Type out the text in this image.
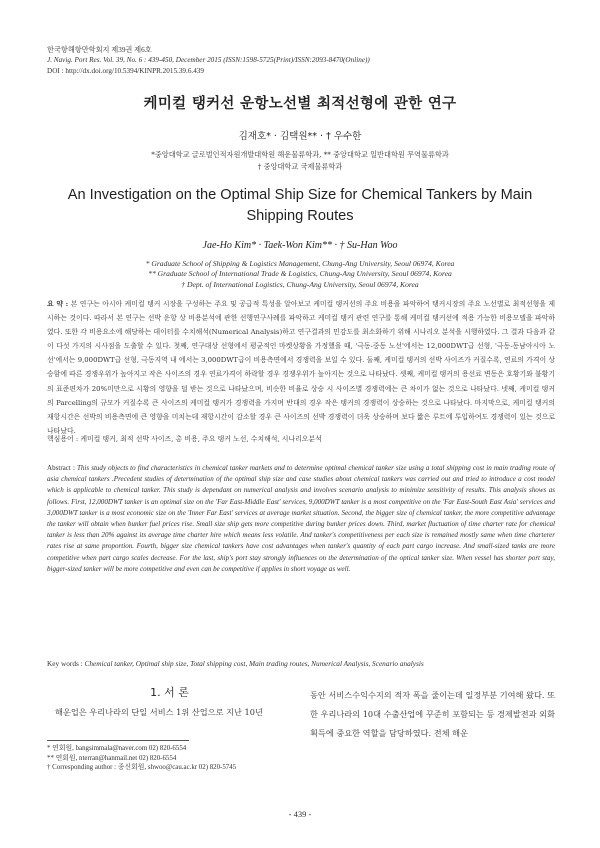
한국항해항만학회지 제39권 제6호
J. Navig. Port Res. Vol. 39, No. 6 : 439-450, December 2015 (ISSN:1598-5725(Print)/ISSN:2093-8470(Online))
DOI : http://dx.doi.org/10.5394/KINPR.2015.39.6.439
케미컬 탱커선 운항노선별 최적선형에 관한 연구
김재호* · 김택원** · † 우수한
*중앙대학교 글로벌인적자원개발대학원 해운물류학과, ** 중앙대학교 일반대학원 무역물류학과
† 중앙대학교 국제물류학과
An Investigation on the Optimal Ship Size for Chemical Tankers by Main Shipping Routes
Jae-Ho Kim* · Taek-Won Kim** · † Su-Han Woo
* Graduate School of Shipping & Logistics Management, Chung-Ang University, Seoul 06974, Korea
** Graduate School of International Trade & Logistics, Chung-Ang University, Seoul 06974, Korea
† Dept. of International Logistics, Chung-Ang University, Seoul 06974, Korea
요 약 : 본 연구는 아시아 케미컬 탱커 시장을 구성하는 주요 및 공급적 특성을 알아보고 케미컬 탱커선의 주요 비용을 파악하여 탱커시장의 주요 노선별로 최적선형을 제시하는 것이다. 따라서 본 연구는 선박 운항 상 비용분석에 관한 선행연구사례를 파악하고 케미컬 탱커 관련 연구를 통해 케미컬 탱커선에 적용 가능한 비용모델을 파악하였다. 또한 각 비용요소에 해당하는 데이터를 수치해석(Numerical Analysis)하고 연구결과의 민감도를 최소화하기 위해 시나리오 분석을 시행하였다. 그 결과 다음과 같이 다섯 가지의 시사점을 도출할 수 있다. 첫째, 연구대상 선형에서 평균적인 마켓상황을 가정했을 때, '극동-중동 노선'에서는 12,000DWT급 선형, '극동-동남아시아 노선'에서는 9,000DWT급 선형, 극동지역 내 에서는 3,000DWT급이 비용측면에서 경쟁력을 보일 수 있다. 둘째, 케미컬 탱커의 선박 사이즈가 커질수록, 연료의 가격이 상승함에 따른 경쟁우위가 높아지고 작은 사이즈의 경우 연료가격이 하락할 경우 경쟁우위가 높아지는 것으로 나타났다. 셋째, 케미컬 탱커의 용선료 변동은 호황기와 불황기의 표준편차가 20%미만으로 시황의 영향을 덜 받는 것으로 나타났으며, 비슷한 비율로 상승 시 사이즈별 경쟁력에는 큰 차이가 없는 것으로 나타났다. 넷째, 케미컬 탱커의 Parcelling의 규모가 커질수록 큰 사이즈의 케미컬 탱커가 경쟁력을 가지며 반대의 경우 작은 탱커의 경쟁력이 상승하는 것으로 나타났다. 마지막으로, 케미컬 탱커의 재항시간은 선박의 비용측면에 큰 영향을 미치는데 재항시간이 감소할 경우 큰 사이즈의 선박 경쟁력이 더욱 상승하며 보다 짧은 루트에 투입하여도 경쟁력이 있는 것으로 나타났다.
핵심용어 : 케미컬 탱커, 최적 선박 사이즈, 총 비용, 주요 탱커 노선, 수치해석, 시나리오분석
Abstract : This study objects to find characteristics in chemical tanker markets and to determine optimal chemical tanker size using a total shipping cost in main trading route of asia chemical tankers .Precedent studies of determination of the optimal ship size and case studies about chemical tankers was carried out and tried to introduce a cost model which is applicable to chemical tanker. This study is dependant on numerical analysis and involves scenario analysis to minimize sensitivity of results. This analysis shows as follows. First, 12,000DWT tanker is an optimal size on the 'Far East-Middle East' services, 9,000DWT tanker is a most competitive on the 'Far East-South East Asia' services and 3,000DWT tanker is a most economic size on the 'Inner Far East' services at average market situation. Second, the bigger size of chemical tanker, the more competitive advantage the tanker will obtain when bunker fuel prices rise. Small size ship gets more competitive during bunker prices down. Third, market fluctuation of time charter rate for chemical tanker is less than 20% against its average time charter hire which means less volatile. And tanker's competitiveness per each size is remained mostly same when time charterer rates rise at same proportion. Fourth, bigger size chemical tankers have cost advantages when tanker's quantity of each part cargo increase. And small-sized tanks are more competitive when part cargo scales decrease. For the last, ship's port stay strongly influences on the determination of the optical tanker size. When vessel has shorter port stay, bigger-sized tanker will be more competitive and even can be competitive if applies in short voyage as well.
Key words : Chemical tanker, Optimal ship size, Total shipping cost, Main trading routes, Numerical Analysis, Scenario analysis
1. 서 론
해운업은 우리나라의 단일 서비스 1위 산업으로 지난 10년
동안 서비스수익수지의 적자 폭을 줄이는데 일정부분 기여해 왔다. 또한 우리나라의 10대 수출산업에 꾸준히 포함되는 등 경제발전과 외화획득에 중요한 역할을 담당하였다. 전체 해운
* 연회원, bangsimmala@naver.com 02) 820-6554
** 연회원, nterran@hanmail.net 02) 820-6554
† Corresponding author : 종신회원, shwoo@cau.ac.kr 02) 820-5745
- 439 -
